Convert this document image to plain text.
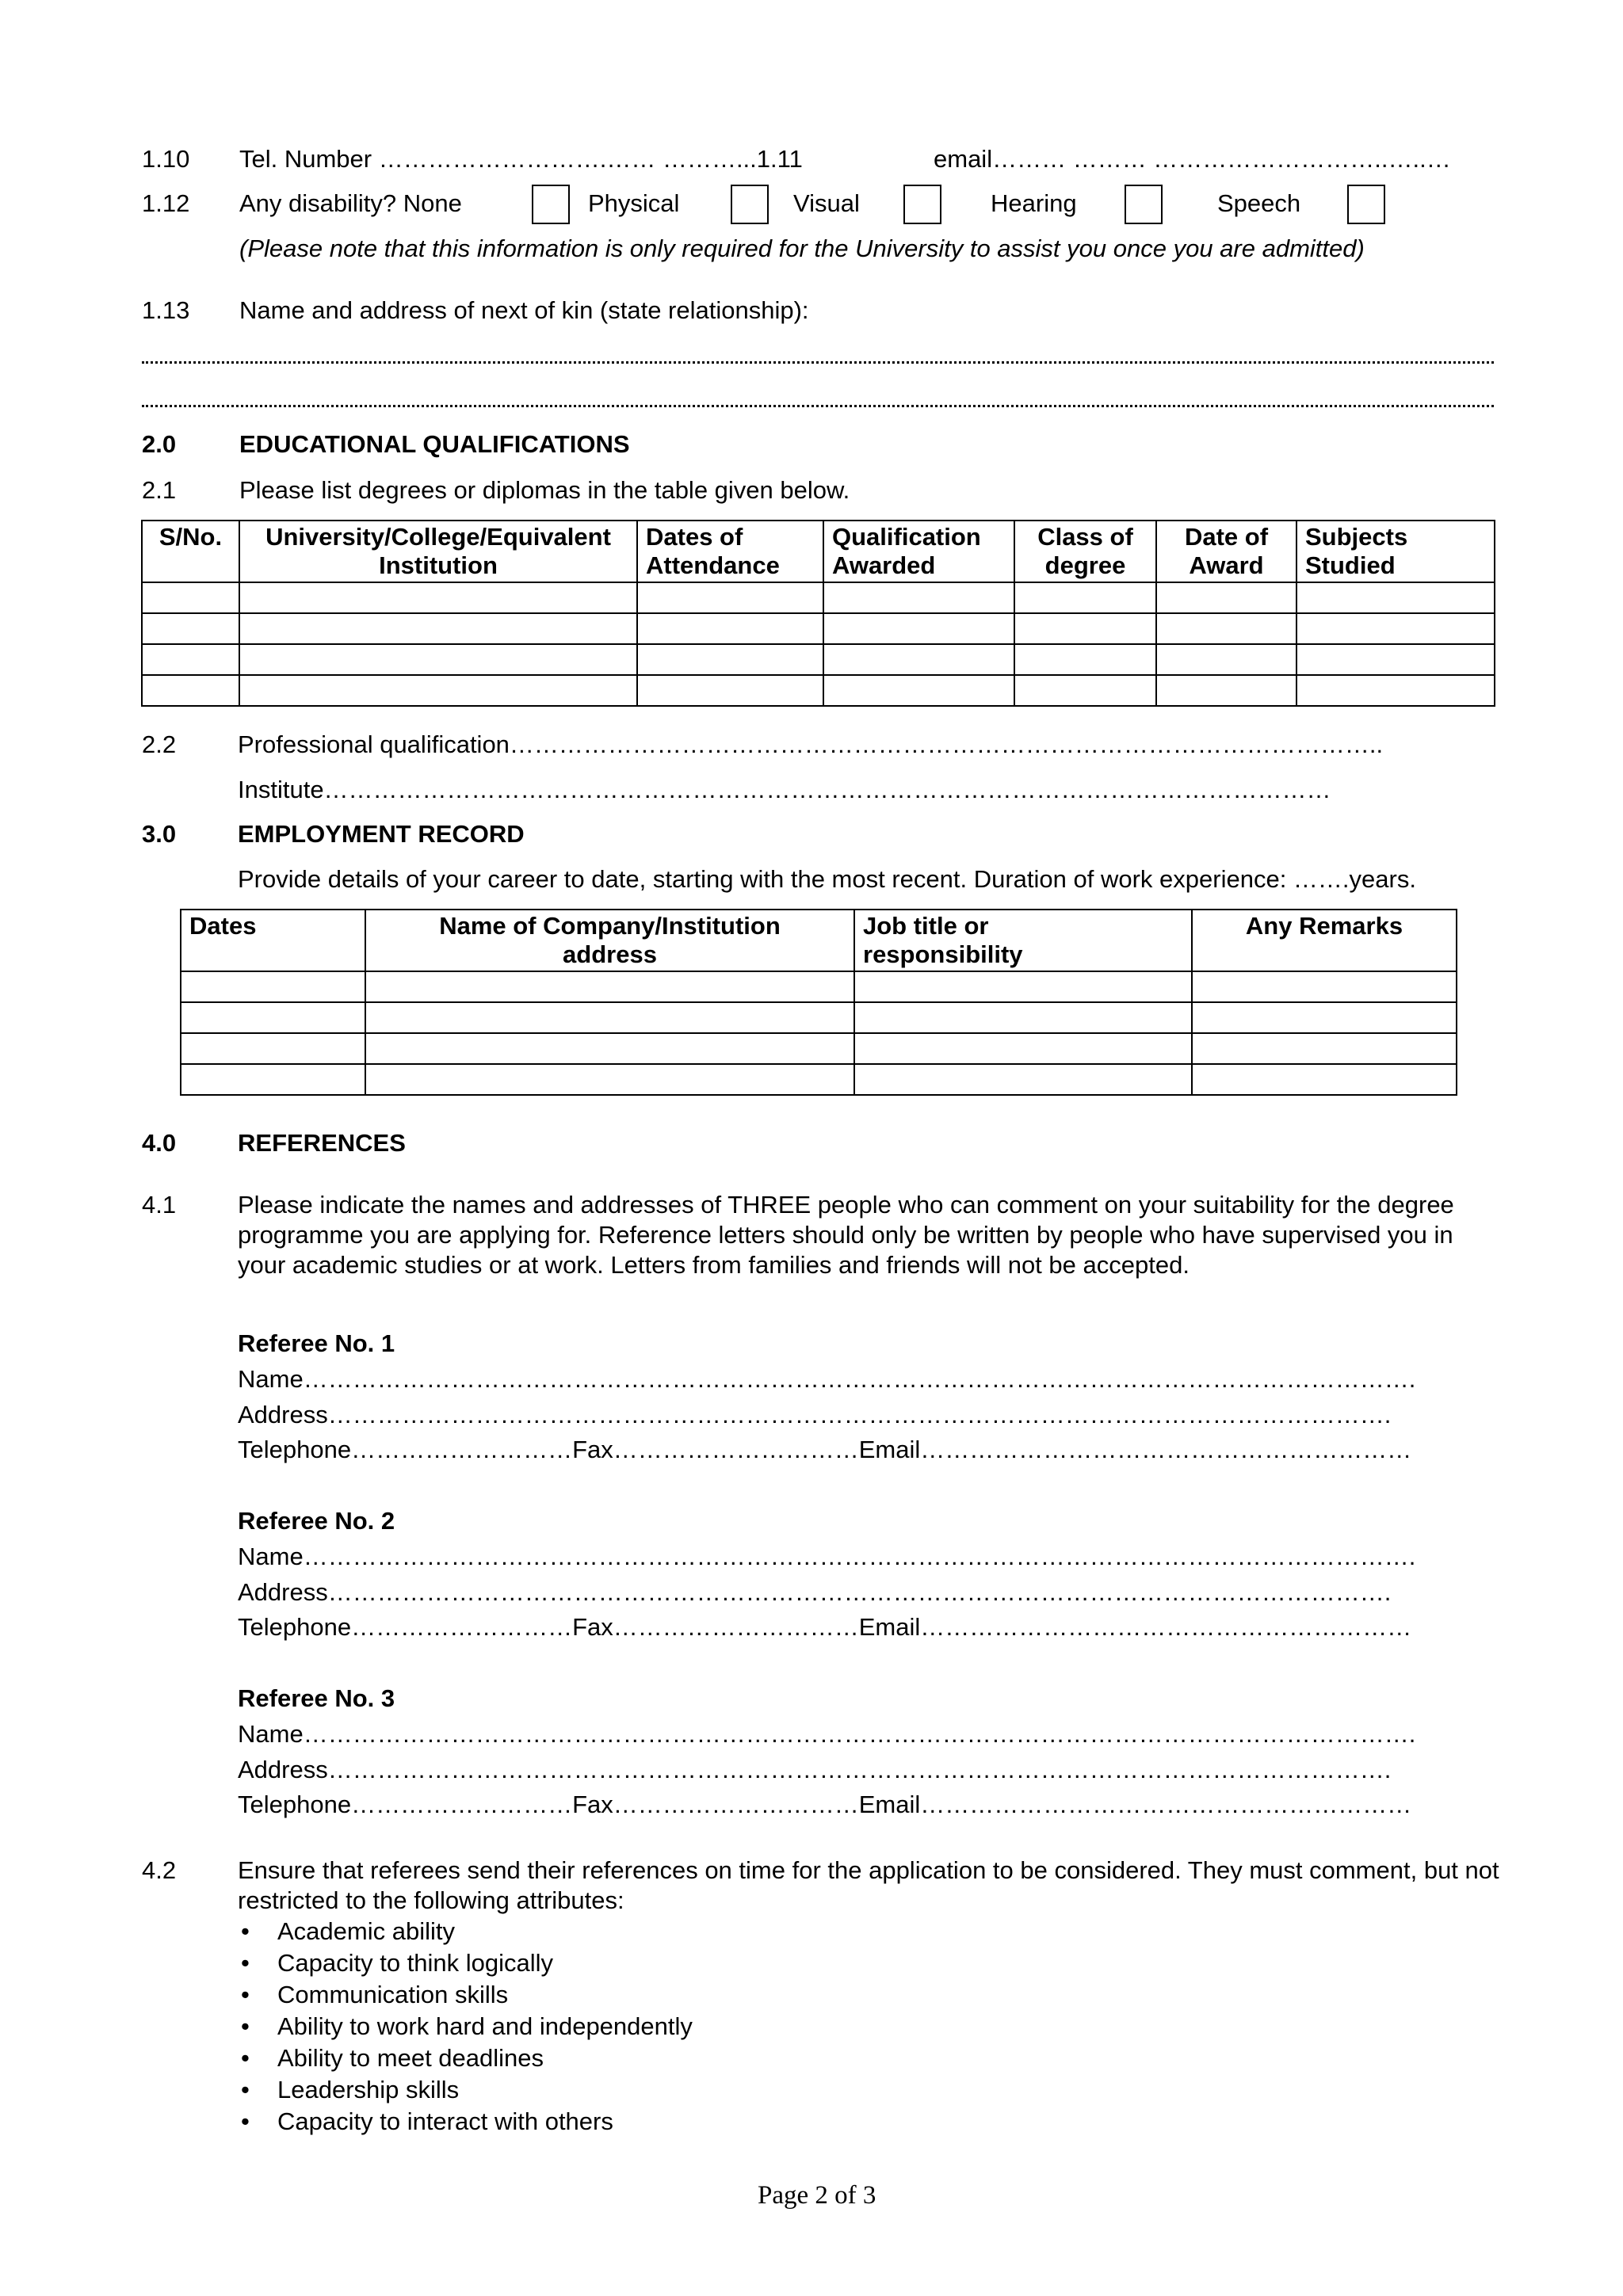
1.10 Tel. Number ……………………….…… ………...1.11	email……… ……… ………………………..…..…
1.12 Any disability? None	Physical	Visual	Hearing	Speech
(Please note that this information is only required for the University to assist you once you are admitted)
1.13 Name and address of next of kin (state relationship):
2.0	EDUCATIONAL QUALIFICATIONS
2.1	Please list degrees or diplomas in the table given below.
S/No.	University/College/Equivalent Institution	Dates of Attendance	Qualification Awarded	Class of degree	Date of Award	Subjects Studied

2.2	Professional qualification……………………………………………………………………………………………..
Institute……………………………………………………………………………………………………………
3.0	EMPLOYMENT RECORD
Provide details of your career to date, starting with the most recent. Duration of work experience: …….years.
Dates	Name of Company/Institution address	Job title or responsibility	Any Remarks

4.0	REFERENCES
4.1	Please indicate the names and addresses of THREE people who can comment on your suitability for the degree programme you are applying for. Reference letters should only be written by people who have supervised you in your academic studies or at work. Letters from families and friends will not be accepted.
Referee No. 1
Name……………………………………………………………………………………………………………………….
Address………………………………………………………………………………………………………………….
Telephone………………………Fax…………………………Email……………………………………………………
Referee No. 2
Name……………………………………………………………………………………………………………………….
Address………………………………………………………………………………………………………………….
Telephone………………………Fax…………………………Email……………………………………………………
Referee No. 3
Name……………………………………………………………………………………………………………………….
Address………………………………………………………………………………………………………………….
Telephone………………………Fax…………………………Email……………………………………………………
4.2	Ensure that referees send their references on time for the application to be considered. They must comment, but not restricted to the following attributes:
• Academic ability
• Capacity to think logically
• Communication skills
• Ability to work hard and independently
• Ability to meet deadlines
• Leadership skills
• Capacity to interact with others
Page 2 of 3
